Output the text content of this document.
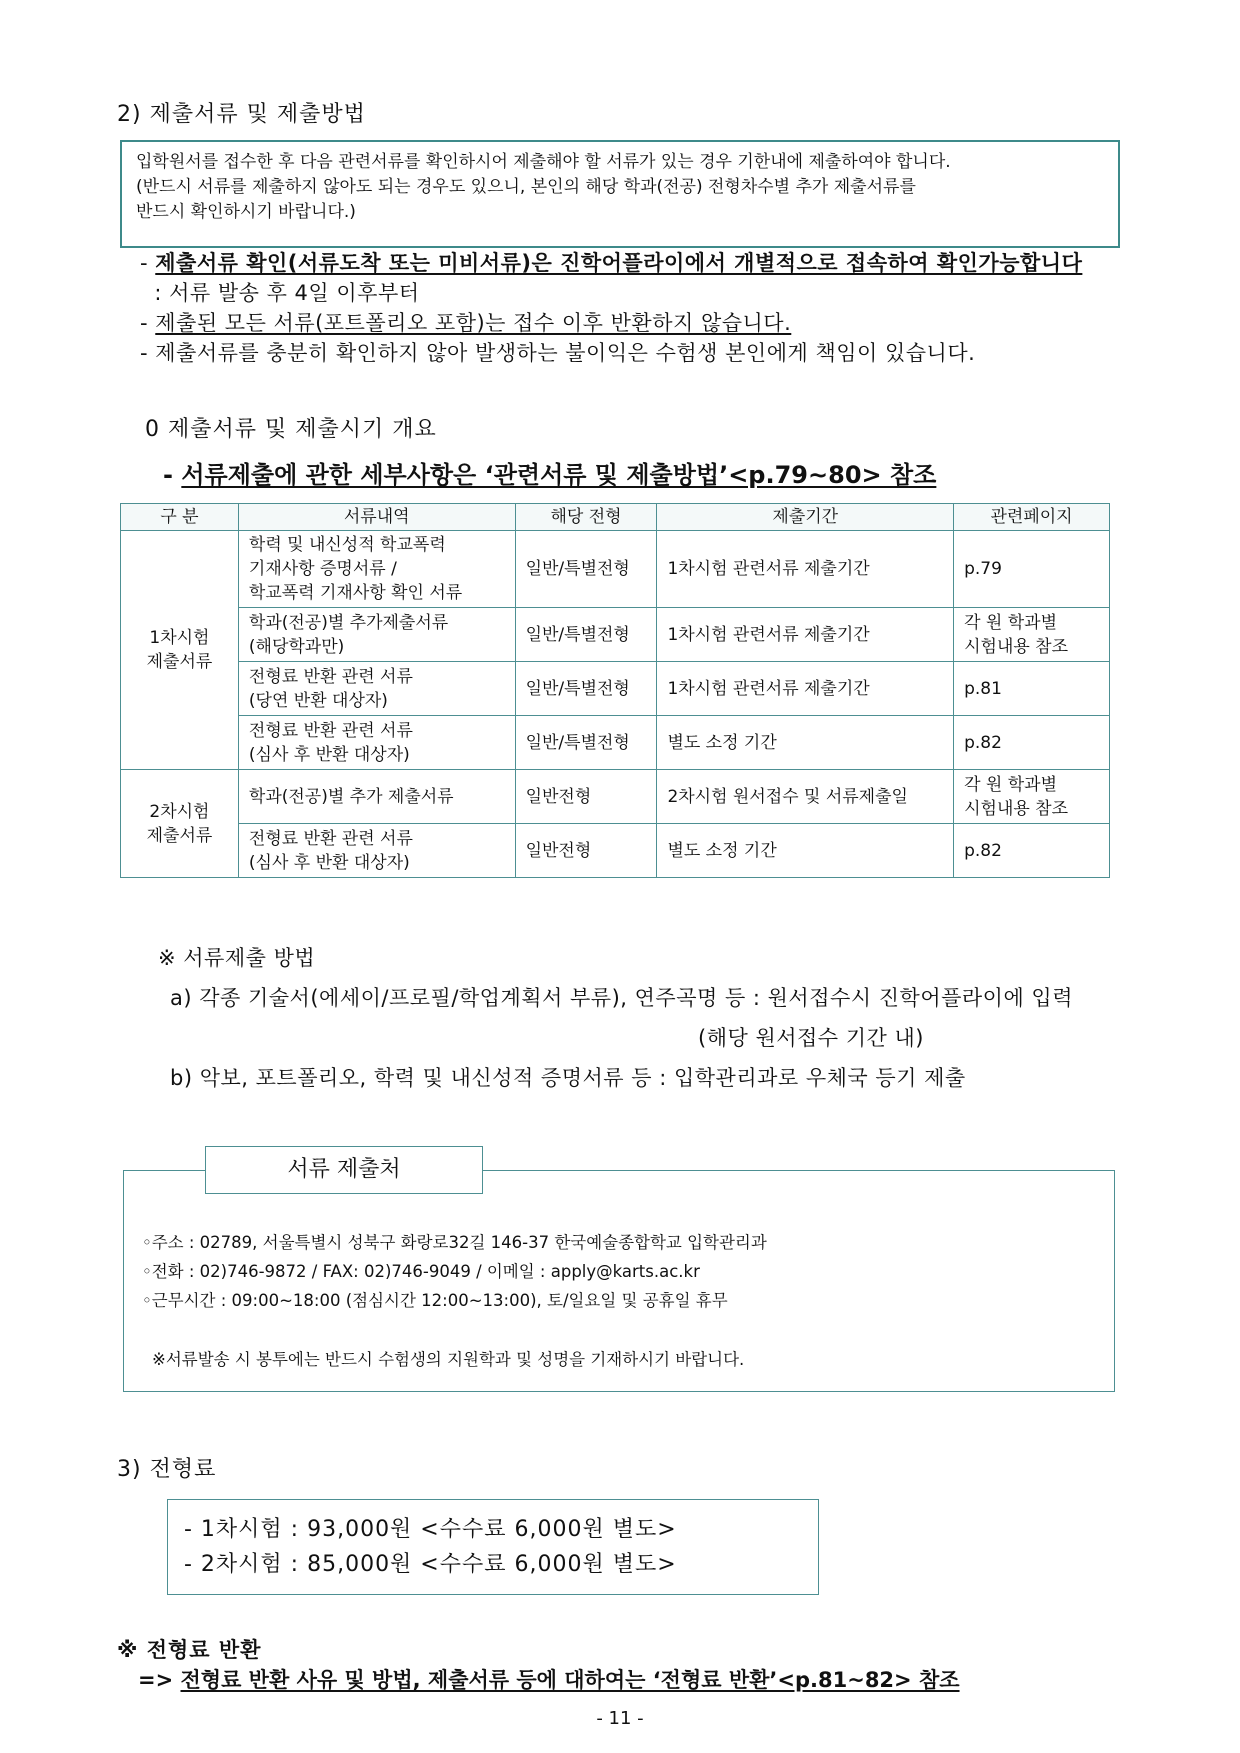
2) 제출서류 및 제출방법
입학원서를 접수한 후 다음 관련서류를 확인하시어 제출해야 할 서류가 있는 경우 기한내에 제출하여야 합니다.
(반드시 서류를 제출하지 않아도 되는 경우도 있으니, 본인의 해당 학과(전공) 전형차수별 추가 제출서류를
반드시 확인하시기 바랍니다.)
- 제출서류 확인(서류도착 또는 미비서류)은 진학어플라이에서 개별적으로 접속하여 확인가능합니다
: 서류 발송 후 4일 이후부터
- 제출된 모든 서류(포트폴리오 포함)는 접수 이후 반환하지 않습니다.
- 제출서류를 충분히 확인하지 않아 발생하는 불이익은 수험생 본인에게 책임이 있습니다.
0 제출서류 및 제출시기 개요
- 서류제출에 관한 세부사항은 ‘관련서류 및 제출방법’<p.79~80> 참조
구 분	서류내역	해당 전형	제출기간	관련페이지
1차시험
제출서류	학력 및 내신성적 학교폭력
기재사항 증명서류 /
학교폭력 기재사항 확인 서류	일반/특별전형	1차시험 관련서류 제출기간	p.79
	학과(전공)별 추가제출서류
(해당학과만)	일반/특별전형	1차시험 관련서류 제출기간	각 원 학과별
시험내용 참조
	전형료 반환 관련 서류
(당연 반환 대상자)	일반/특별전형	1차시험 관련서류 제출기간	p.81
	전형료 반환 관련 서류
(심사 후 반환 대상자)	일반/특별전형	별도 소정 기간	p.82
2차시험
제출서류	학과(전공)별 추가 제출서류	일반전형	2차시험 원서접수 및 서류제출일	각 원 학과별
시험내용 참조
	전형료 반환 관련 서류
(심사 후 반환 대상자)	일반전형	별도 소정 기간	p.82
※ 서류제출 방법
a) 각종 기술서(에세이/프로필/학업계획서 부류), 연주곡명 등 : 원서접수시 진학어플라이에 입력
(해당 원서접수 기간 내)
b) 악보, 포트폴리오, 학력 및 내신성적 증명서류 등 : 입학관리과로 우체국 등기 제출
서류 제출처
◦주소 : 02789, 서울특별시 성북구 화랑로32길 146-37 한국예술종합학교 입학관리과
◦전화 : 02)746-9872 / FAX: 02)746-9049 / 이메일 : apply@karts.ac.kr
◦근무시간 : 09:00~18:00 (점심시간 12:00~13:00), 토/일요일 및 공휴일 휴무
※서류발송 시 봉투에는 반드시 수험생의 지원학과 및 성명을 기재하시기 바랍니다.
3) 전형료
- 1차시험 : 93,000원 <수수료 6,000원 별도>
- 2차시험 : 85,000원 <수수료 6,000원 별도>
※ 전형료 반환
=> 전형료 반환 사유 및 방법, 제출서류 등에 대하여는 ‘전형료 반환’<p.81~82> 참조
- 11 -
